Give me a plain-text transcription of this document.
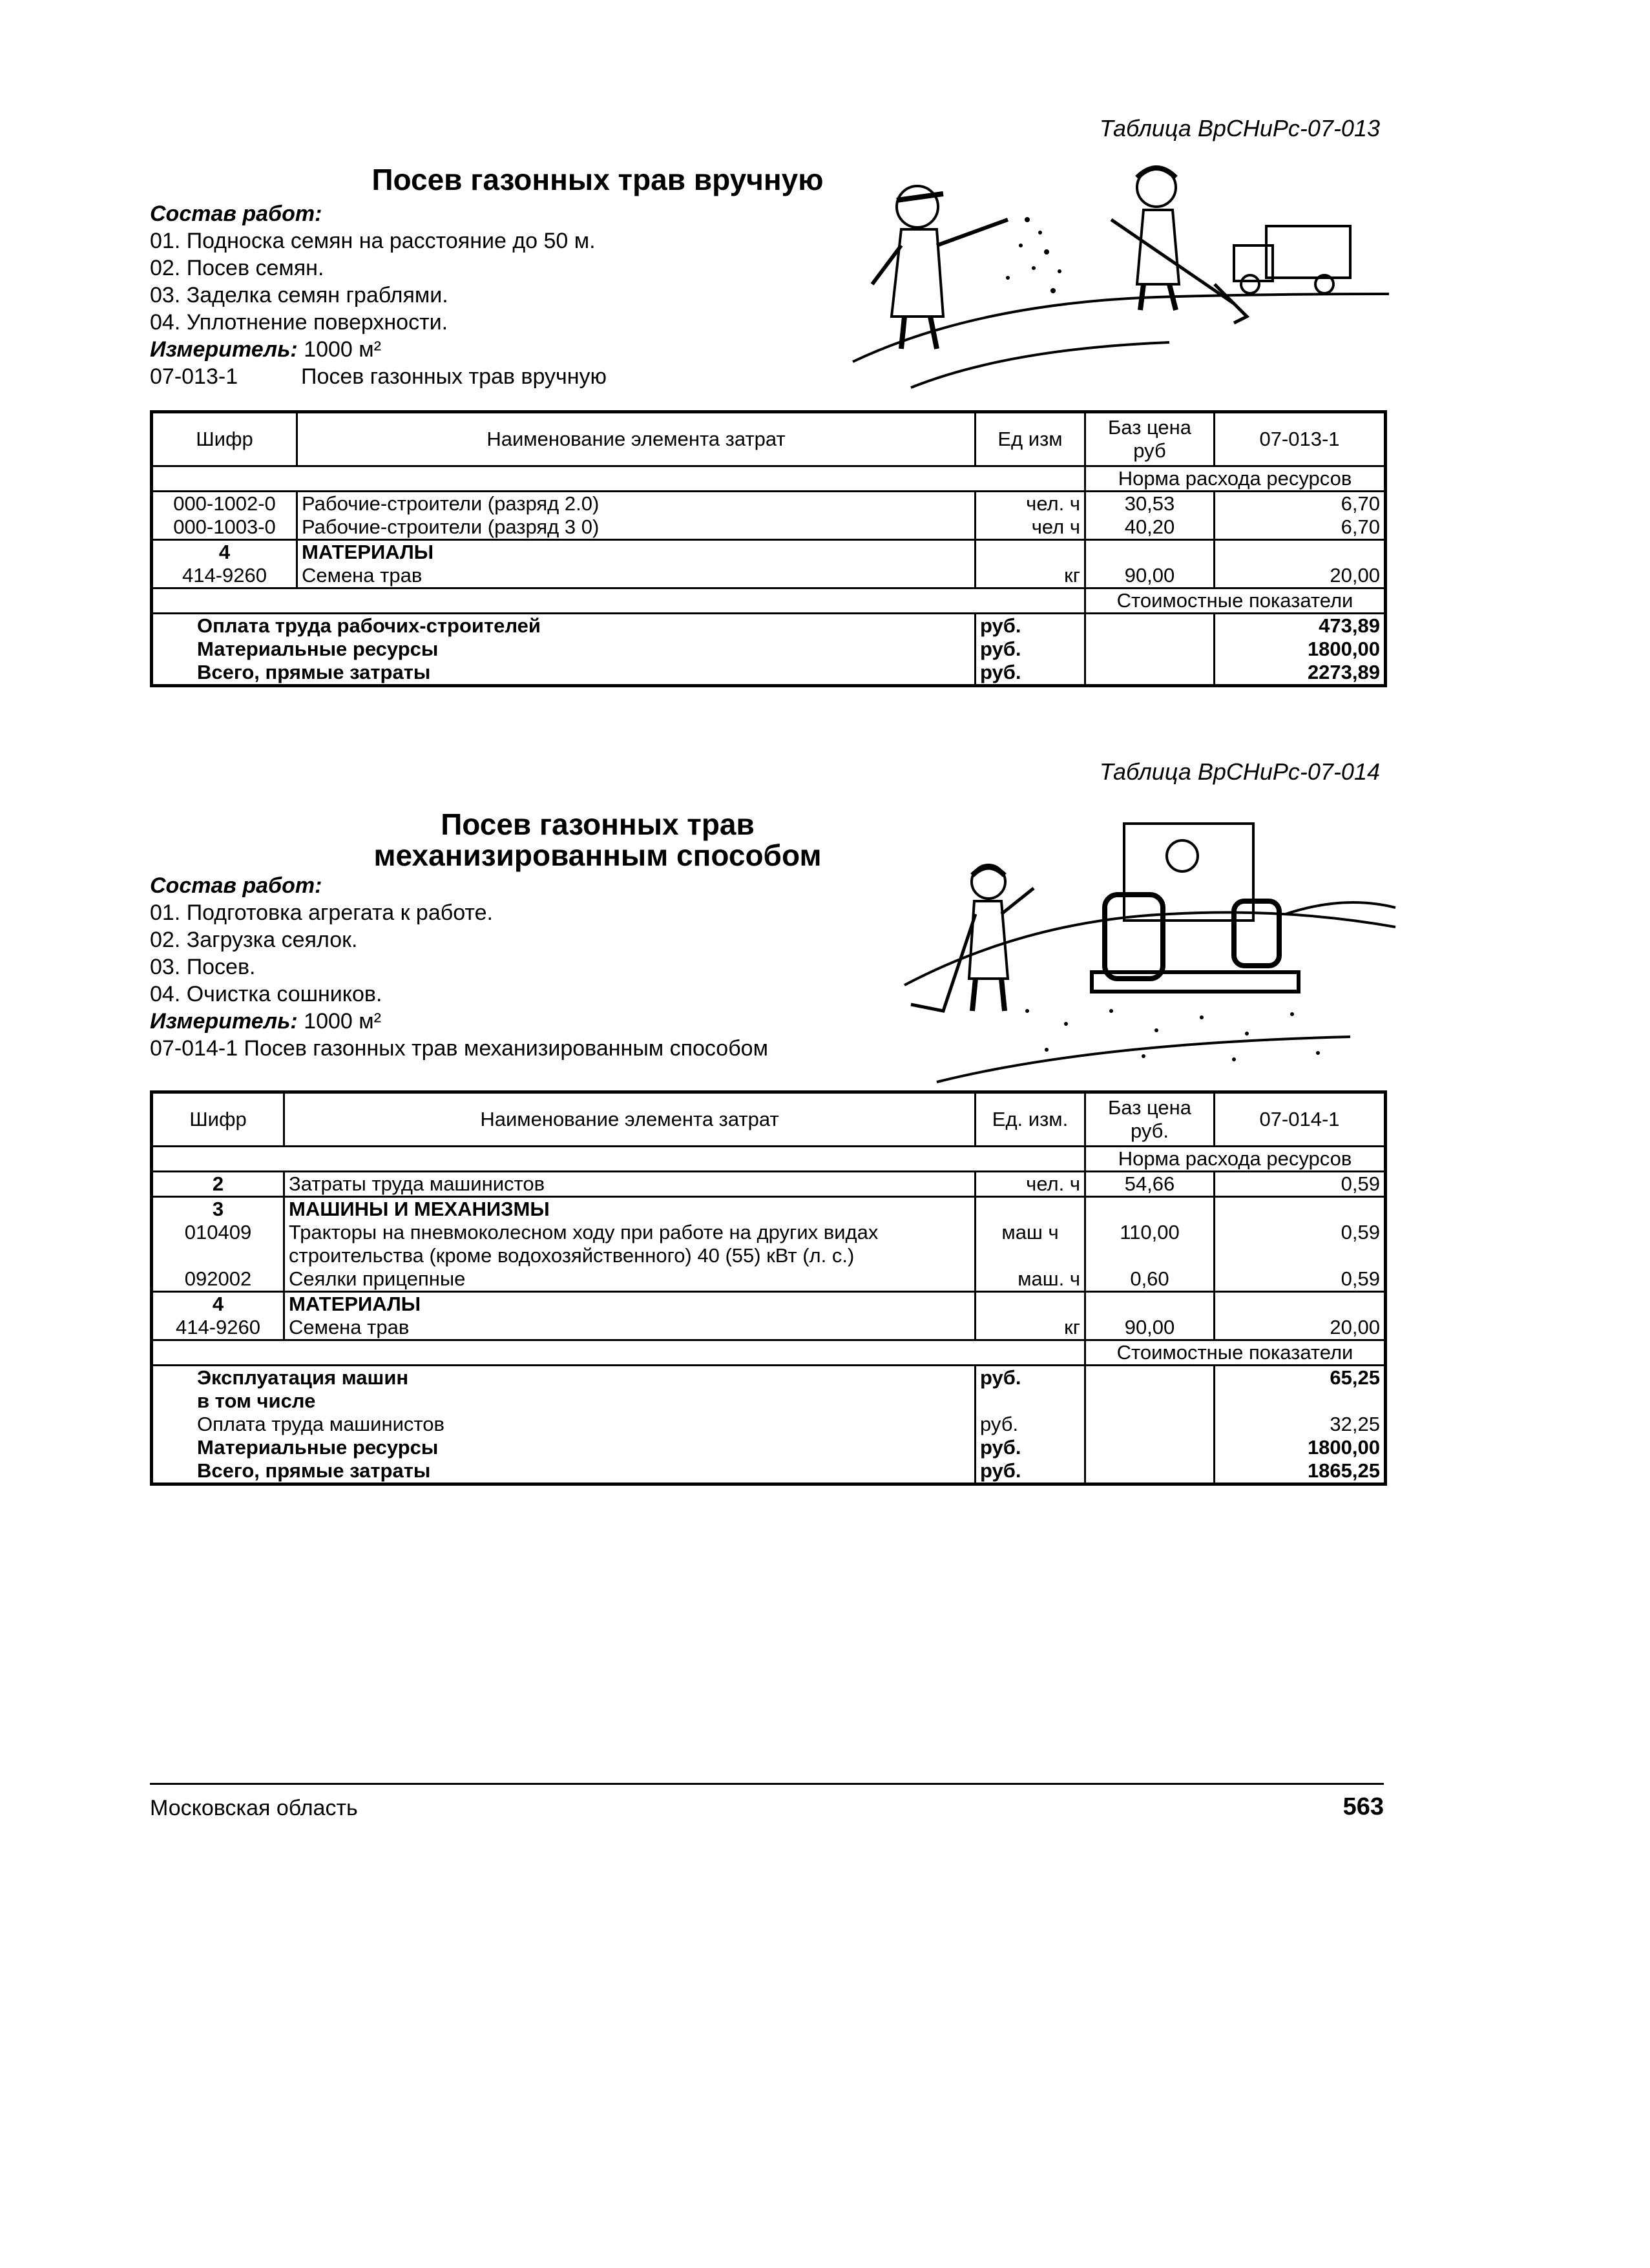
Таблица ВрСНиРс-07-013
Посев газонных трав вручную
Состав работ:
01. Подноска семян на расстояние до 50 м.
02. Посев семян.
03. Заделка семян граблями.
04. Уплотнение поверхности.
Измеритель: 1000 м²
07-013-1	Посев газонных трав вручную
Шифр	Наименование элемента затрат	Ед изм	Баз цена руб	07-013-1
			Норма расхода ресурсов	
000-1002-0	Рабочие-строители (разряд 2.0)	чел. ч	30,53	6,70
000-1003-0	Рабочие-строители (разряд 3 0)	чел ч	40,20	6,70
4	МАТЕРИАЛЫ			
414-9260	Семена трав	кг	90,00	20,00
			Стоимостные показатели	
Оплата труда рабочих-строителей		руб.		473,89
Материальные ресурсы		руб.		1800,00
Всего, прямые затраты		руб.		2273,89
Таблица ВрСНиРс-07-014
Посев газонных трав
механизированным способом
Состав работ:
01. Подготовка агрегата к работе.
02. Загрузка сеялок.
03. Посев.
04. Очистка сошников.
Измеритель: 1000 м²
07-014-1 Посев газонных трав механизированным способом
Шифр	Наименование элемента затрат	Ед. изм.	Баз цена руб.	07-014-1
			Норма расхода ресурсов	
2	Затраты труда машинистов	чел. ч	54,66	0,59
3	МАШИНЫ И МЕХАНИЗМЫ			
010409	Тракторы на пневмоколесном ходу при работе на других видах
строительства (кроме водохозяйственного) 40 (55) кВт (л. с.)	маш ч	110,00	0,59
092002	Сеялки прицепные	маш. ч	0,60	0,59
4	МАТЕРИАЛЫ			
414-9260	Семена трав	кг	90,00	20,00
			Стоимостные показатели	
Эксплуатация машин		руб.		65,25
в том числе				
Оплата труда машинистов		руб.		32,25
Материальные ресурсы		руб.		1800,00
Всего, прямые затраты		руб.		1865,25
Московская область	563
